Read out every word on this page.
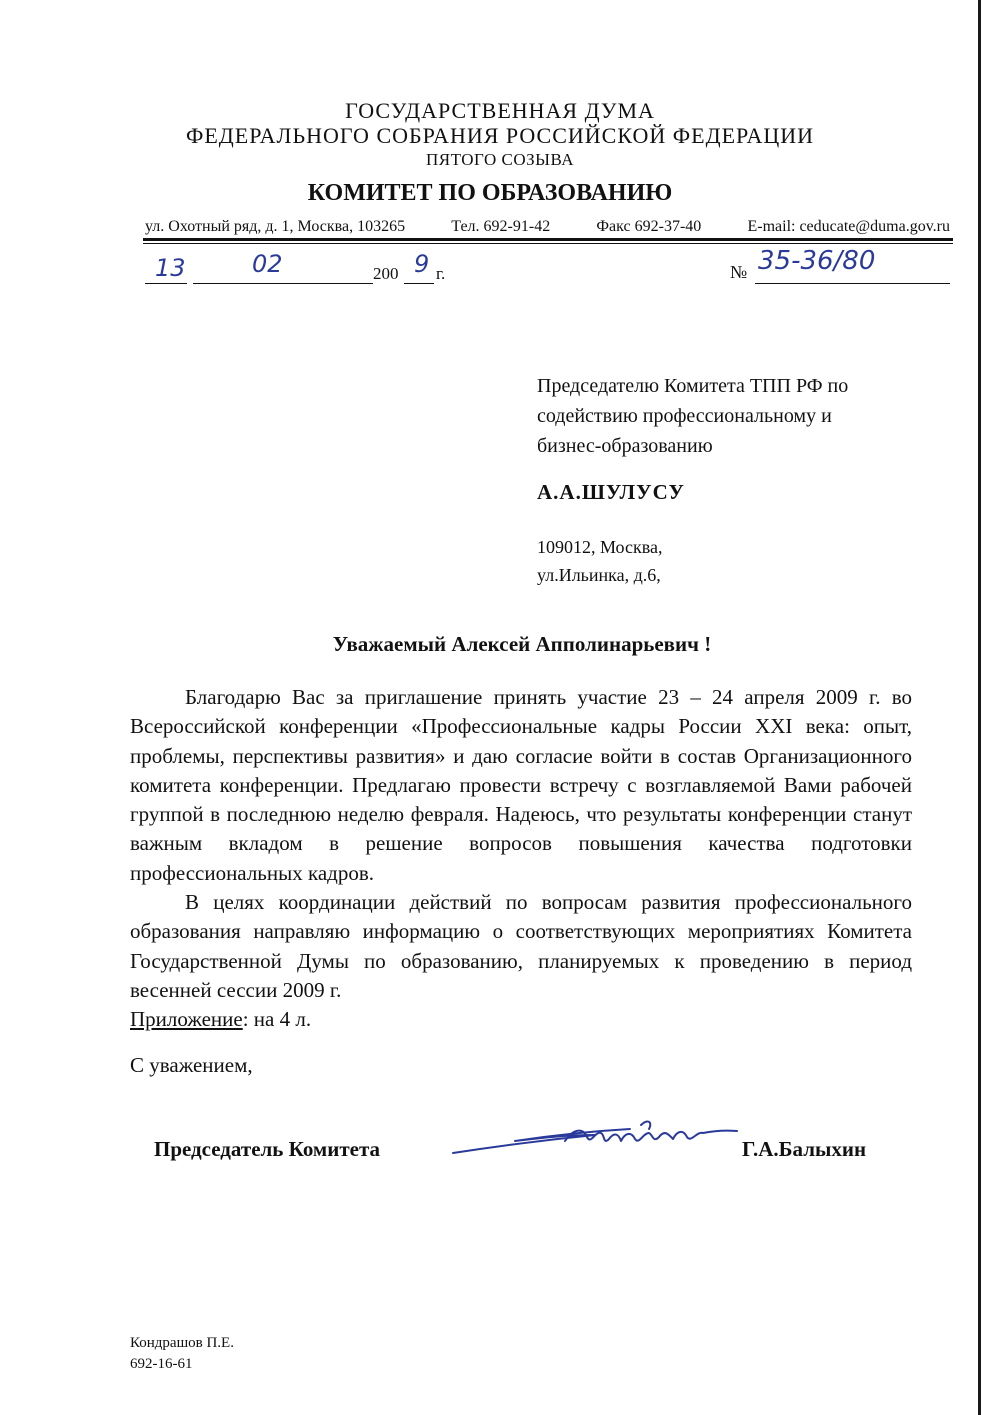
ГОСУДАРСТВЕННАЯ ДУМА
ФЕДЕРАЛЬНОГО СОБРАНИЯ РОССИЙСКОЙ ФЕДЕРАЦИИ
ПЯТОГО СОЗЫВА
КОМИТЕТ ПО ОБРАЗОВАНИЮ
ул. Охотный ряд, д. 1, Москва, 103265	Тел. 692-91-42	Факс 692-37-40	E-mail: ceducate@duma.gov.ru
13	02	200 9 г.	№ 35-36/80
Председателю Комитета ТПП РФ по
содействию профессиональному и
бизнес-образованию
А.А.ШУЛУСУ
109012, Москва,
ул.Ильинка, д.6,
Уважаемый Алексей Апполинарьевич !

Благодарю Вас за приглашение принять участие 23 – 24 апреля 2009 г. во Всероссийской конференции «Профессиональные кадры России XXI века: опыт, проблемы, перспективы развития» и даю согласие войти в состав Организационного комитета конференции. Предлагаю провести встречу с возглавляемой Вами рабочей группой в последнюю неделю февраля. Надеюсь, что результаты конференции станут важным вкладом в решение вопросов повышения качества подготовки профессиональных кадров.

В целях координации действий по вопросам развития профессионального образования направляю информацию о соответствующих мероприятиях Комитета Государственной Думы по образованию, планируемых к проведению в период весенней сессии 2009 г.

Приложение: на 4 л.

С уважением,
Председатель Комитета	Г.А.Балыхин
Кондрашов П.Е.
692-16-61
